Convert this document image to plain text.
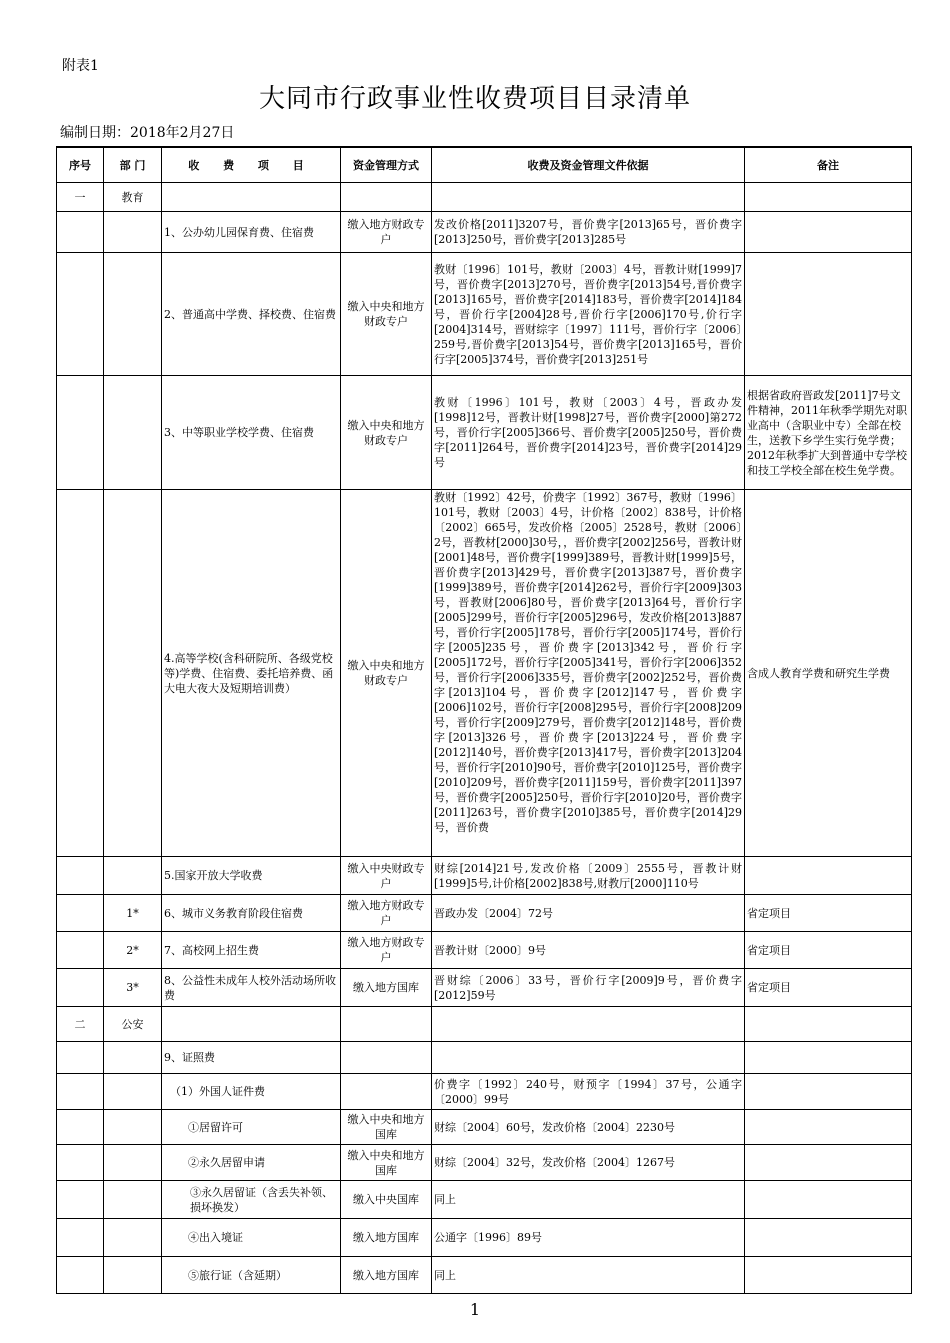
附表1
大同市行政事业性收费项目目录清单
编制日期：2018年2月27日
序号	部 门	收 费 项 目	资金管理方式	收费及资金管理文件依据	备注
一	教育				
		1、公办幼儿园保育费、住宿费	缴入地方财政专户	发改价格[2011]3207号，晋价费字[2013]65号，晋价费字[2013]250号，晋价费字[2013]285号	
		2、普通高中学费、择校费、住宿费	缴入中央和地方财政专户	教财〔1996〕101号，教财〔2003〕4号，晋教计财[1999]7号，晋价费字[2013]270号，晋价费字[2013]54号,晋价费字[2013]165号，晋价费字[2014]183号，晋价费字[2014]184号，晋价行字[2004]28号,晋价行字[2006]170号,价行字[2004]314号，晋财综字〔1997〕111号，晋价行字〔2006〕259号,晋价费字[2013]54号，晋价费字[2013]165号，晋价行字[2005]374号，晋价费字[2013]251号	
		3、中等职业学校学费、住宿费	缴入中央和地方财政专户	教财〔1996〕101号，教财〔2003〕4号，晋政办发[1998]12号，晋教计财[1998]27号，晋价费字[2000]第272号，晋价行字[2005]366号、晋价费字[2005]250号，晋价费字[2011]264号，晋价费字[2014]23号，晋价费字[2014]29号	根据省政府晋政发[2011]7号文件精神，2011年秋季学期先对职业高中（含职业中专）全部在校生，送教下乡学生实行免学费；2012年秋季扩大到普通中专学校和技工学校全部在校生免学费。
		4.高等学校(含科研院所、各级党校等)学费、住宿费、委托培养费、函大电大夜大及短期培训费）	缴入中央和地方财政专户	教财〔1992〕42号，价费字〔1992〕367号，教财〔1996〕101号，教财〔2003〕4号，计价格〔2002〕838号，计价格〔2002〕665号，发改价格〔2005〕2528号，教财〔2006〕2号，晋教材[2000]30号，，晋价费字[2002]256号，晋教计财[2001]48号，晋价费字[1999]389号，晋教计财[1999]5号，晋价费字[2013]429号，晋价费字[2013]387号，晋价费字[1999]389号，晋价费字[2014]262号，晋价行字[2009]303号，晋教财[2006]80号，晋价费字[2013]64号，晋价行字[2005]299号，晋价行字[2005]296号，发改价格[2013]887号，晋价行字[2005]178号，晋价行字[2005]174号，晋价行字[2005]235号，晋价费字[2013]342号，晋价行字[2005]172号，晋价行字[2005]341号，晋价行字[2006]352号，晋价行字[2006]335号，晋价费字[2002]252号，晋价费字[2013]104号，晋价费字[2012]147号，晋价费字[2006]102号，晋价行字[2008]295号，晋价行字[2008]209号，晋价行字[2009]279号，晋价费字[2012]148号，晋价费字[2013]326号，晋价费字[2013]224号，晋价费字[2012]140号，晋价费字[2013]417号，晋价费字[2013]204号，晋价行字[2010]90号，晋价费字[2010]125号，晋价费字[2010]209号，晋价费字[2011]159号，晋价费字[2011]397号，晋价费字[2005]250号，晋价行字[2010]20号，晋价费字[2011]263号，晋价费字[2010]385号，晋价费字[2014]29号，晋价费	含成人教育学费和研究生学费
		5.国家开放大学收费	缴入中央财政专户	财综[2014]21号,发改价格〔2009〕2555号，晋教计财[1999]5号,计价格[2002]838号,财教厅[2000]110号	
	1*	6、城市义务教育阶段住宿费	缴入地方财政专户	晋政办发〔2004〕72号	省定项目
	2*	7、高校网上招生费	缴入地方财政专户	晋教计财〔2000〕9号	省定项目
	3*	8、公益性未成年人校外活动场所收费	缴入地方国库	晋财综〔2006〕33号，晋价行字[2009]9号，晋价费字[2012]59号	省定项目
二	公安				
		9、证照费			
		（1）外国人证件费		价费字〔1992〕240号，财预字〔1994〕37号，公通字〔2000〕99号	
		①居留许可	缴入中央和地方国库	财综〔2004〕60号，发改价格〔2004〕2230号	
		②永久居留申请	缴入中央和地方国库	财综〔2004〕32号，发改价格〔2004〕1267号	
		③永久居留证（含丢失补领、损坏换发）	缴入中央国库	同上	
		④出入境证	缴入地方国库	公通字〔1996〕89号	
		⑤旅行证（含延期）	缴入地方国库	同上	
1
